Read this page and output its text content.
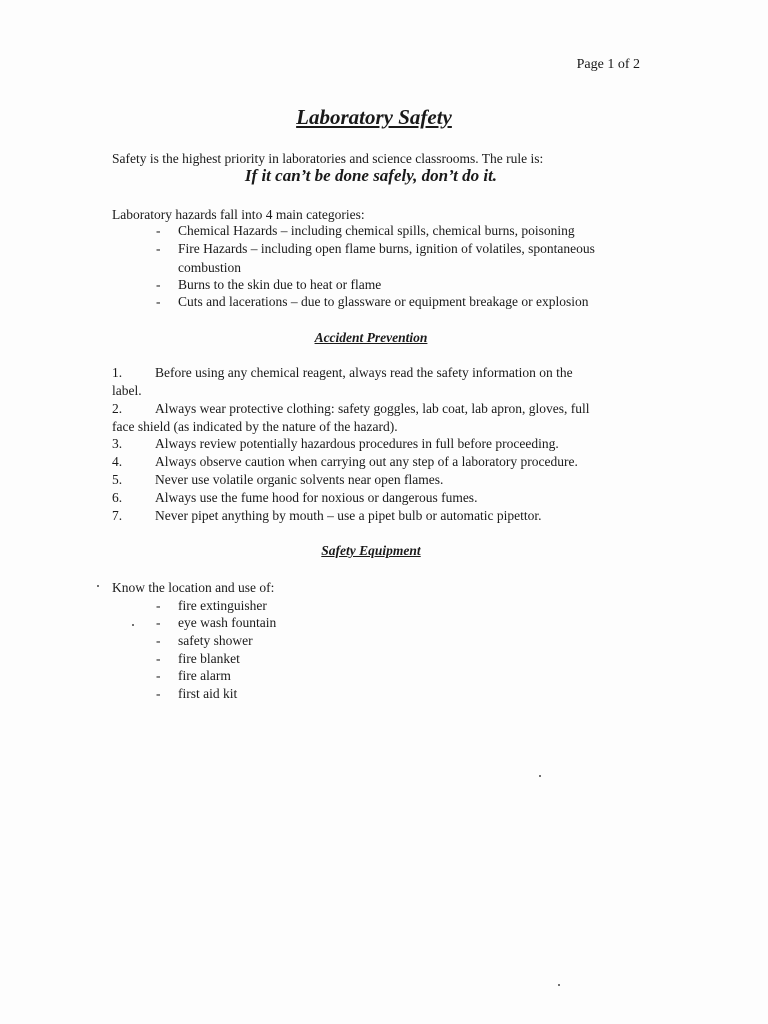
Page 1 of 2

Laboratory Safety

Safety is the highest priority in laboratories and science classrooms. The rule is:

If it can’t be done safely, don’t do it.

Laboratory hazards fall into 4 main categories:

- Chemical Hazards – including chemical spills, chemical burns, poisoning
- Fire Hazards – including open flame burns, ignition of volatiles, spontaneous
combustion
- Burns to the skin due to heat or flame
- Cuts and lacerations – due to glassware or equipment breakage or explosion

Accident Prevention

1. Before using any chemical reagent, always read the safety information on the
label.
2. Always wear protective clothing: safety goggles, lab coat, lab apron, gloves, full
face shield (as indicated by the nature of the hazard).
3. Always review potentially hazardous procedures in full before proceeding.
4. Always observe caution when carrying out any step of a laboratory procedure.
5. Never use volatile organic solvents near open flames.
6. Always use the fume hood for noxious or dangerous fumes.
7. Never pipet anything by mouth – use a pipet bulb or automatic pipettor.

Safety Equipment

Know the location and use of:

- fire extinguisher
- eye wash fountain
- safety shower
- fire blanket
- fire alarm
- first aid kit
